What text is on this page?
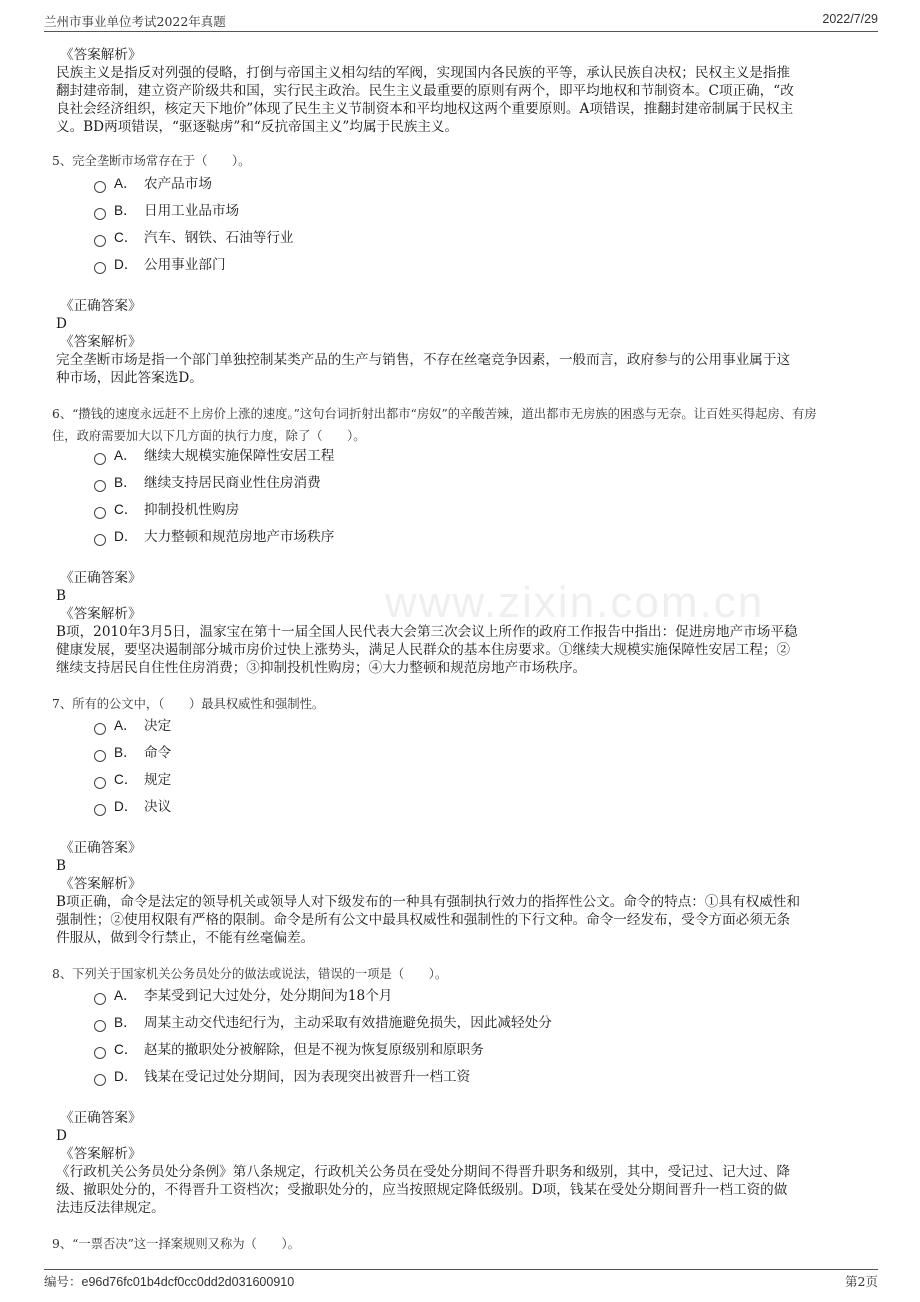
兰州市事业单位考试2022年真题	2022/7/29
www.zixin.com.cn
《答案解析》
民族主义是指反对列强的侵略，打倒与帝国主义相勾结的军阀，实现国内各民族的平等，承认民族自决权；民权主义是指推
翻封建帝制，建立资产阶级共和国，实行民主政治。民生主义最重要的原则有两个，即平均地权和节制资本。C项正确，“改
良社会经济组织，核定天下地价”体现了民生主义节制资本和平均地权这两个重要原则。A项错误，推翻封建帝制属于民权主
义。BD两项错误，“驱逐鞑虏”和“反抗帝国主义”均属于民族主义。
5、完全垄断市场常存在于（　　）。
A． 农产品市场
B． 日用工业品市场
C． 汽车、钢铁、石油等行业
D． 公用事业部门
《正确答案》
D
《答案解析》
完全垄断市场是指一个部门单独控制某类产品的生产与销售，不存在丝毫竞争因素，一般而言，政府参与的公用事业属于这
种市场，因此答案选D。
6、“攒钱的速度永远赶不上房价上涨的速度。”这句台词折射出都市“房奴”的辛酸苦辣，道出都市无房族的困惑与无奈。让百姓买得起房、有房
住，政府需要加大以下几方面的执行力度，除了（　　）。
A． 继续大规模实施保障性安居工程
B． 继续支持居民商业性住房消费
C． 抑制投机性购房
D． 大力整顿和规范房地产市场秩序
《正确答案》
B
《答案解析》
B项，2010年3月5日，温家宝在第十一届全国人民代表大会第三次会议上所作的政府工作报告中指出：促进房地产市场平稳
健康发展，要坚决遏制部分城市房价过快上涨势头，满足人民群众的基本住房要求。①继续大规模实施保障性安居工程；②
继续支持居民自住性住房消费；③抑制投机性购房；④大力整顿和规范房地产市场秩序。
7、所有的公文中，（　　）最具权威性和强制性。
A． 决定
B． 命令
C． 规定
D． 决议
《正确答案》
B
《答案解析》
B项正确，命令是法定的领导机关或领导人对下级发布的一种具有强制执行效力的指挥性公文。命令的特点：①具有权威性和
强制性；②使用权限有严格的限制。命令是所有公文中最具权威性和强制性的下行文种。命令一经发布，受令方面必须无条
件服从，做到令行禁止，不能有丝毫偏差。
8、下列关于国家机关公务员处分的做法或说法，错误的一项是（　　）。
A． 李某受到记大过处分，处分期间为18个月
B． 周某主动交代违纪行为，主动采取有效措施避免损失，因此减轻处分
C． 赵某的撤职处分被解除，但是不视为恢复原级别和原职务
D． 钱某在受记过处分期间，因为表现突出被晋升一档工资
《正确答案》
D
《答案解析》
《行政机关公务员处分条例》第八条规定，行政机关公务员在受处分期间不得晋升职务和级别，其中，受记过、记大过、降
级、撤职处分的，不得晋升工资档次；受撤职处分的，应当按照规定降低级别。D项，钱某在受处分期间晋升一档工资的做
法违反法律规定。
9、“一票否决”这一择案规则又称为（　　）。
编号：e96d76fc01b4dcf0cc0dd2d031600910	第2页
